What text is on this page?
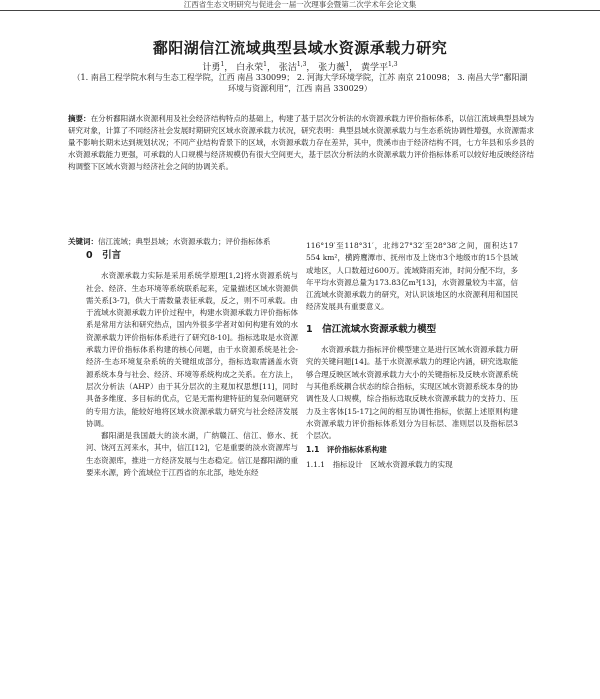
江西省生态文明研究与促进会一届一次理事会暨第二次学术年会论文集
鄱阳湖信江流域典型县域水资源承载力研究
计勇$^1$， 白永荣$^1$， 张洁$^{1,3}$， 张力薇$^1$， 黄学平$^{1,3}$
（1. 南昌工程学院水利与生态工程学院，江西 南昌 330099； 2. 河海大学环境学院，江苏 南京 210098； 3. 南昌大学“鄱阳湖环境与资源利用”，江西 南昌 330029）
摘要：在分析鄱阳湖水资源利用及社会经济结构特点的基础上，构建了基于层次分析法的水资源承载力评价指标体系，以信江流域典型县域为研究对象，计算了不同经济社会发展时期研究区域水资源承载力状况，研究表明：典型县域水资源承载力与生态系统协调性增强，水资源需求量不影响长期未达到规划状况；不同产业结构背景下的区域，水资源承载力存在差异，其中，贵溪市由于经济结构不同，七方年县和乐乡县的水资源承载能力更强，可承载的人口规模与经济规模仍有很大空间更大，基于层次分析法的水资源承载力评价指标体系可以较好地反映经济结构调整下区域水资源与经济社会之间的协调关系。
关键词：信江流域；典型县域；水资源承载力；评价指标体系
0　引言

水资源承载力实际是采用系统学原理[1,2]将水资源系统与社会、经济、生态环境等系统联系起来，定量描述区域水资源供需关系[3-7]，供大于需数量表征承载，反之，则不可承载。由于流域水资源承载力评价过程中，构建水资源承载力评价指标体系是常用方法和研究热点，国内外很多学者对如何构建有效的水资源承载力评价指标体系进行了研究[8-10]。指标选取是水资源承载力评价指标体系构建的核心问题，由于水资源系统是社会-经济-生态环境复杂系统的关键组成部分，指标选取需涵盖水资源系统本身与社会、经济、环境等系统构成之关系。在方法上，层次分析法（AHP）由于其分层次的主观加权思想[11]，同时具备多维度、多目标的优点，它是无需构建特征的复杂问题研究的专用方法，能较好地将区域水资源承载力研究与社会经济发展协调。

鄱阳湖是我国最大的淡水湖，广纳赣江、信江、修水、抚河、饶河五河来水，其中，信江[12]，它是重要的淡水资源库与生态资源库，推进一方经济发展与生态稳定。信江是鄱阳湖的重要来水源，跨个流域位于江西省的东北部，地处东经

116°19′至118°31′，北纬27°32′至28°38′之间，面积达17 554 km²，横跨鹰潭市、抚州市及上饶市3个地级市的15个县域或地区，人口数超过600万。流域降雨充沛，时间分配不均，多年平均水资源总量为173.83亿m³[13]，水资源量较为丰富，信江流域水资源承载力的研究，对认识该地区的水资源利用和国民经济发展具有重要意义。

1　信江流域水资源承载力模型

水资源承载力指标评价模型建立是进行区域水资源承载力研究的关键问题[14]。基于水资源承载力的理论内涵，研究选取能够合理反映区域水资源承载力大小的关键指标及反映水资源系统与其他系统耦合状态的综合指标，实现区域水资源系统本身的协调性及人口规模，综合指标选取反映水资源承载力的支持力、压力及主客体[15-17]之间的相互协调性指标，依据上述原则构建水资源承载力评价指标体系划分为目标层、准则层以及指标层3个层次。

1.1　评价指标体系构建

1.1.1　指标设计　区域水资源承载力的实现
